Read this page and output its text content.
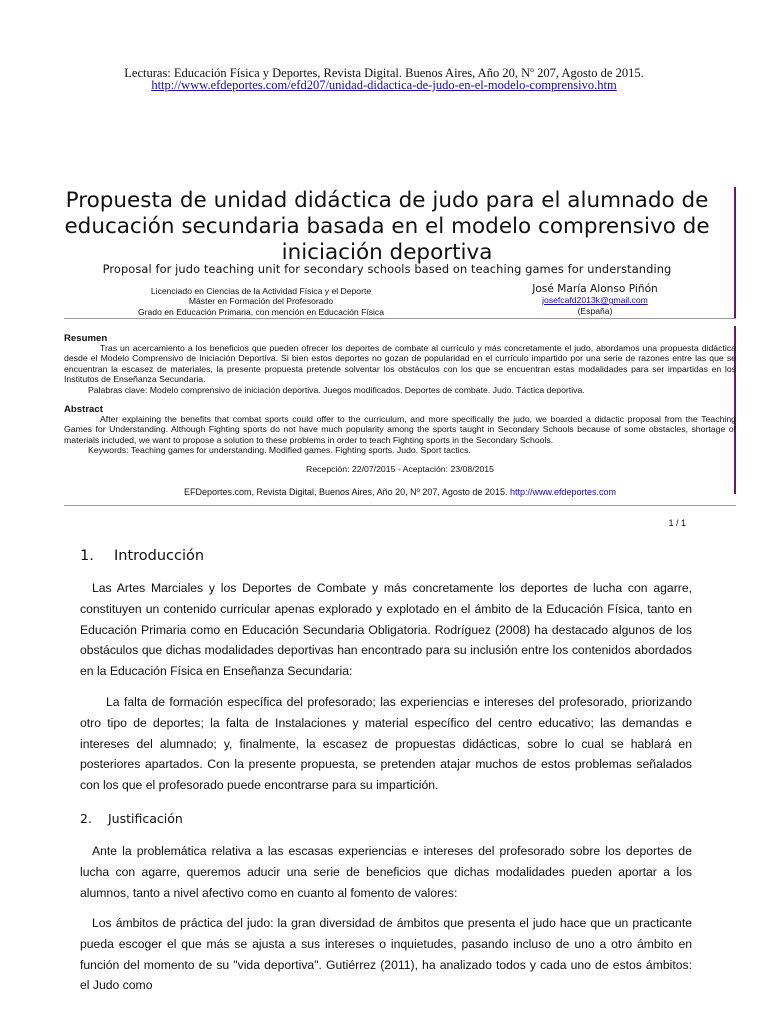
Lecturas: Educación Física y Deportes, Revista Digital. Buenos Aires, Año 20, Nº 207, Agosto de 2015.
http://www.efdeportes.com/efd207/unidad-didactica-de-judo-en-el-modelo-comprensivo.htm
Propuesta de unidad didáctica de judo para el alumnado de
educación secundaria basada en el modelo comprensivo de
iniciación deportiva
Proposal for judo teaching unit for secondary schools based on teaching games for understanding
Licenciado en Ciencias de la Actividad Física y el Deporte
Máster en Formación del Profesorado
Grado en Educación Primaria, con mención en Educación Física
José María Alonso Piñón
josefcafd2013k@gmail.com
(España)
Resumen

Tras un acercamiento a los beneficios que pueden ofrecer los deportes de combate al currículo y más concretamente el judo, abordamos una propuesta didáctica desde el Modelo Comprensivo de Iniciación Deportiva. Si bien estos deportes no gozan de popularidad en el currículo impartido por una serie de razones entre las que se encuentran la escasez de materiales, la presente propuesta pretende solventar los obstáculos con los que se encuentran estas modalidades para ser impartidas en los Institutos de Enseñanza Secundaria.

Palabras clave: Modelo comprensivo de iniciación deportiva. Juegos modificados. Deportes de combate. Judo. Táctica deportiva.
Abstract

After explaining the benefits that combat sports could offer to the curriculum, and more specifically the judo, we boarded a didactic proposal from the Teaching Games for Understanding. Although Fighting sports do not have much popularity among the sports taught in Secondary Schools because of some obstacles, shortage of materials included, we want to propose a solution to these problems in order to teach Fighting sports in the Secondary Schools.

Keywords: Teaching games for understanding. Modified games. Fighting sports. Judo. Sport tactics.
Recepción: 22/07/2015 - Aceptación: 23/08/2015
EFDeportes.com, Revista Digital, Buenos Aires, Año 20, Nº 207, Agosto de 2015. http://www.efdeportes.com
1 / 1
1. Introducción

Las Artes Marciales y los Deportes de Combate y más concretamente los deportes de lucha con agarre, constituyen un contenido curricular apenas explorado y explotado en el ámbito de la Educación Física, tanto en Educación Primaria como en Educación Secundaria Obligatoria. Rodríguez (2008) ha destacado algunos de los obstáculos que dichas modalidades deportivas han encontrado para su inclusión entre los contenidos abordados en la Educación Física en Enseñanza Secundaria:

La falta de formación específica del profesorado; las experiencias e intereses del profesorado, priorizando otro tipo de deportes; la falta de Instalaciones y material específico del centro educativo; las demandas e intereses del alumnado; y, finalmente, la escasez de propuestas didácticas, sobre lo cual se hablará en posteriores apartados. Con la presente propuesta, se pretenden atajar muchos de estos problemas señalados con los que el profesorado puede encontrarse para su impartición.

2. Justificación

Ante la problemática relativa a las escasas experiencias e intereses del profesorado sobre los deportes de lucha con agarre, queremos aducir una serie de beneficios que dichas modalidades pueden aportar a los alumnos, tanto a nivel afectivo como en cuanto al fomento de valores:

Los ámbitos de práctica del judo: la gran diversidad de ámbitos que presenta el judo hace que un practicante pueda escoger el que más se ajusta a sus intereses o inquietudes, pasando incluso de uno a otro ámbito en función del momento de su "vida deportiva". Gutiérrez (2011), ha analizado todos y cada uno de estos ámbitos: el Judo como
